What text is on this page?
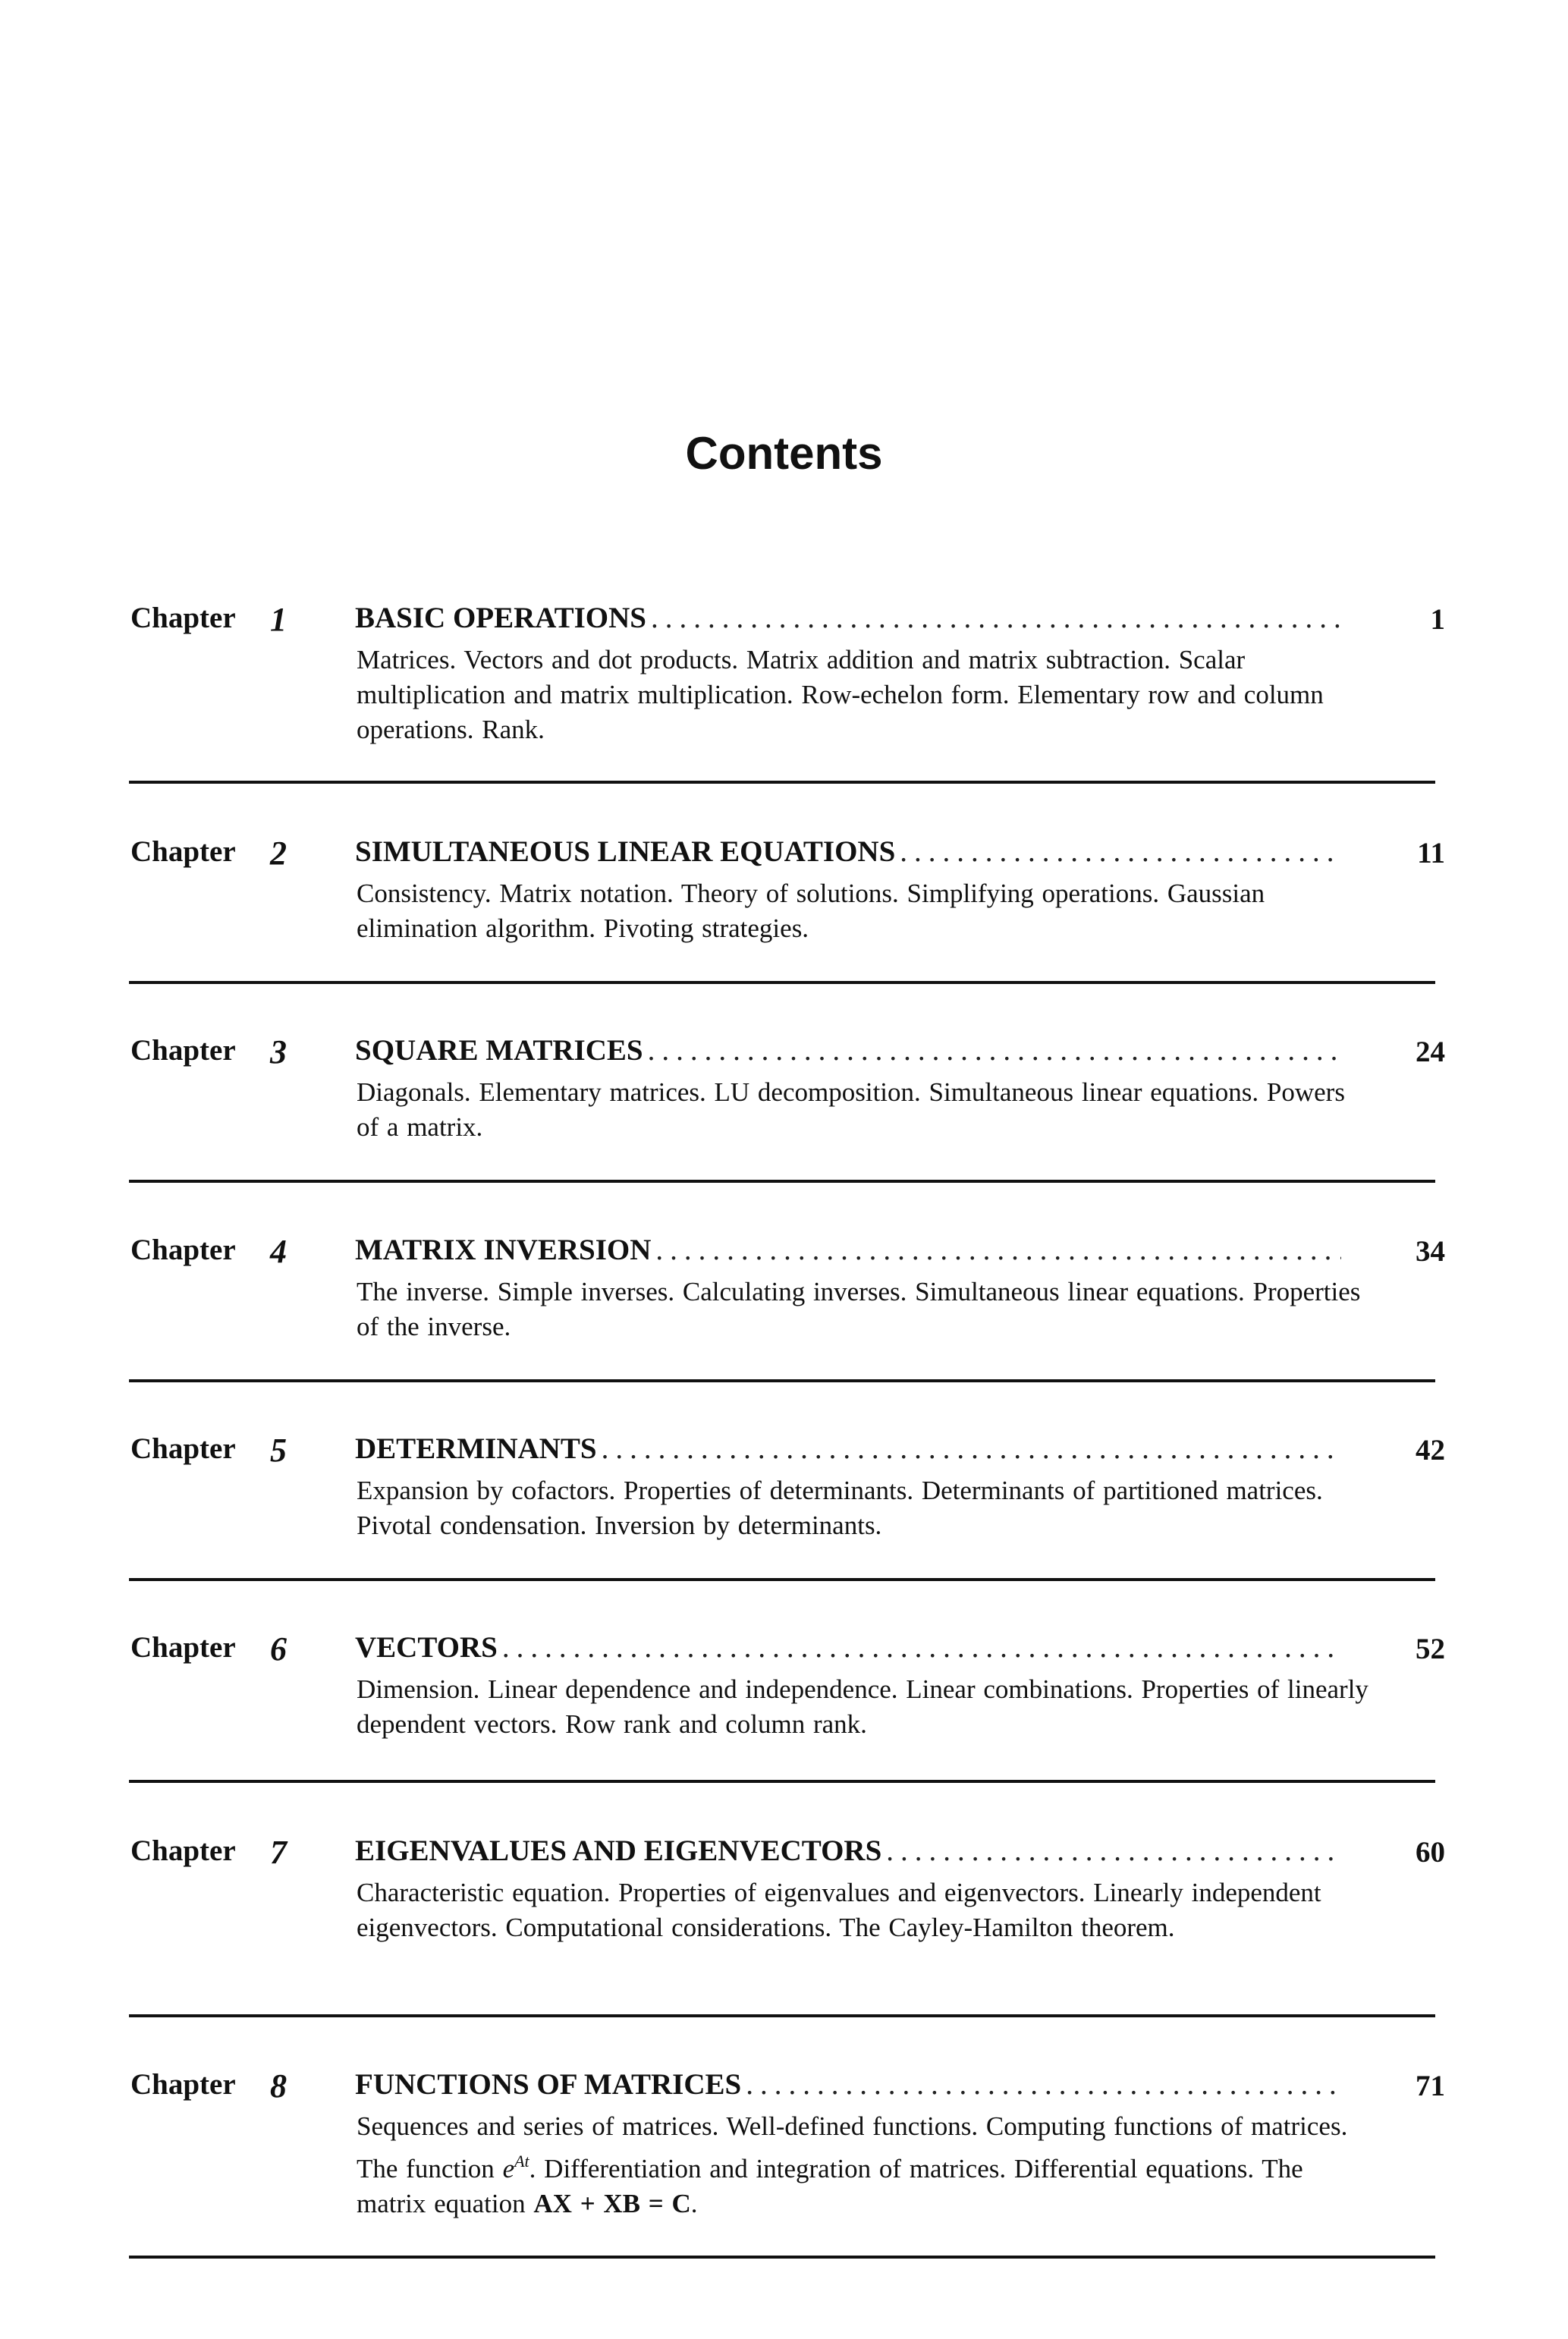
Contents
Chapter 1 BASIC OPERATIONS .....	1
Matrices. Vectors and dot products. Matrix addition and matrix subtraction. Scalar multiplication and matrix multiplication. Row-echelon form. Elementary row and column operations. Rank.
Chapter 2 SIMULTANEOUS LINEAR EQUATIONS .....	11
Consistency. Matrix notation. Theory of solutions. Simplifying operations. Gaussian elimination algorithm. Pivoting strategies.
Chapter 3 SQUARE MATRICES .....	24
Diagonals. Elementary matrices. LU decomposition. Simultaneous linear equations. Powers of a matrix.
Chapter 4 MATRIX INVERSION .....	34
The inverse. Simple inverses. Calculating inverses. Simultaneous linear equations. Properties of the inverse.
Chapter 5 DETERMINANTS .....	42
Expansion by cofactors. Properties of determinants. Determinants of partitioned matrices. Pivotal condensation. Inversion by determinants.
Chapter 6 VECTORS .....	52
Dimension. Linear dependence and independence. Linear combinations. Properties of linearly dependent vectors. Row rank and column rank.
Chapter 7 EIGENVALUES AND EIGENVECTORS .....	60
Characteristic equation. Properties of eigenvalues and eigenvectors. Linearly independent eigenvectors. Computational considerations. The Cayley-Hamilton theorem.
Chapter 8 FUNCTIONS OF MATRICES .....	71
Sequences and series of matrices. Well-defined functions. Computing functions of matrices. The function $e^{At}$. Differentiation and integration of matrices. Differential equations. The matrix equation AX + XB = C.
